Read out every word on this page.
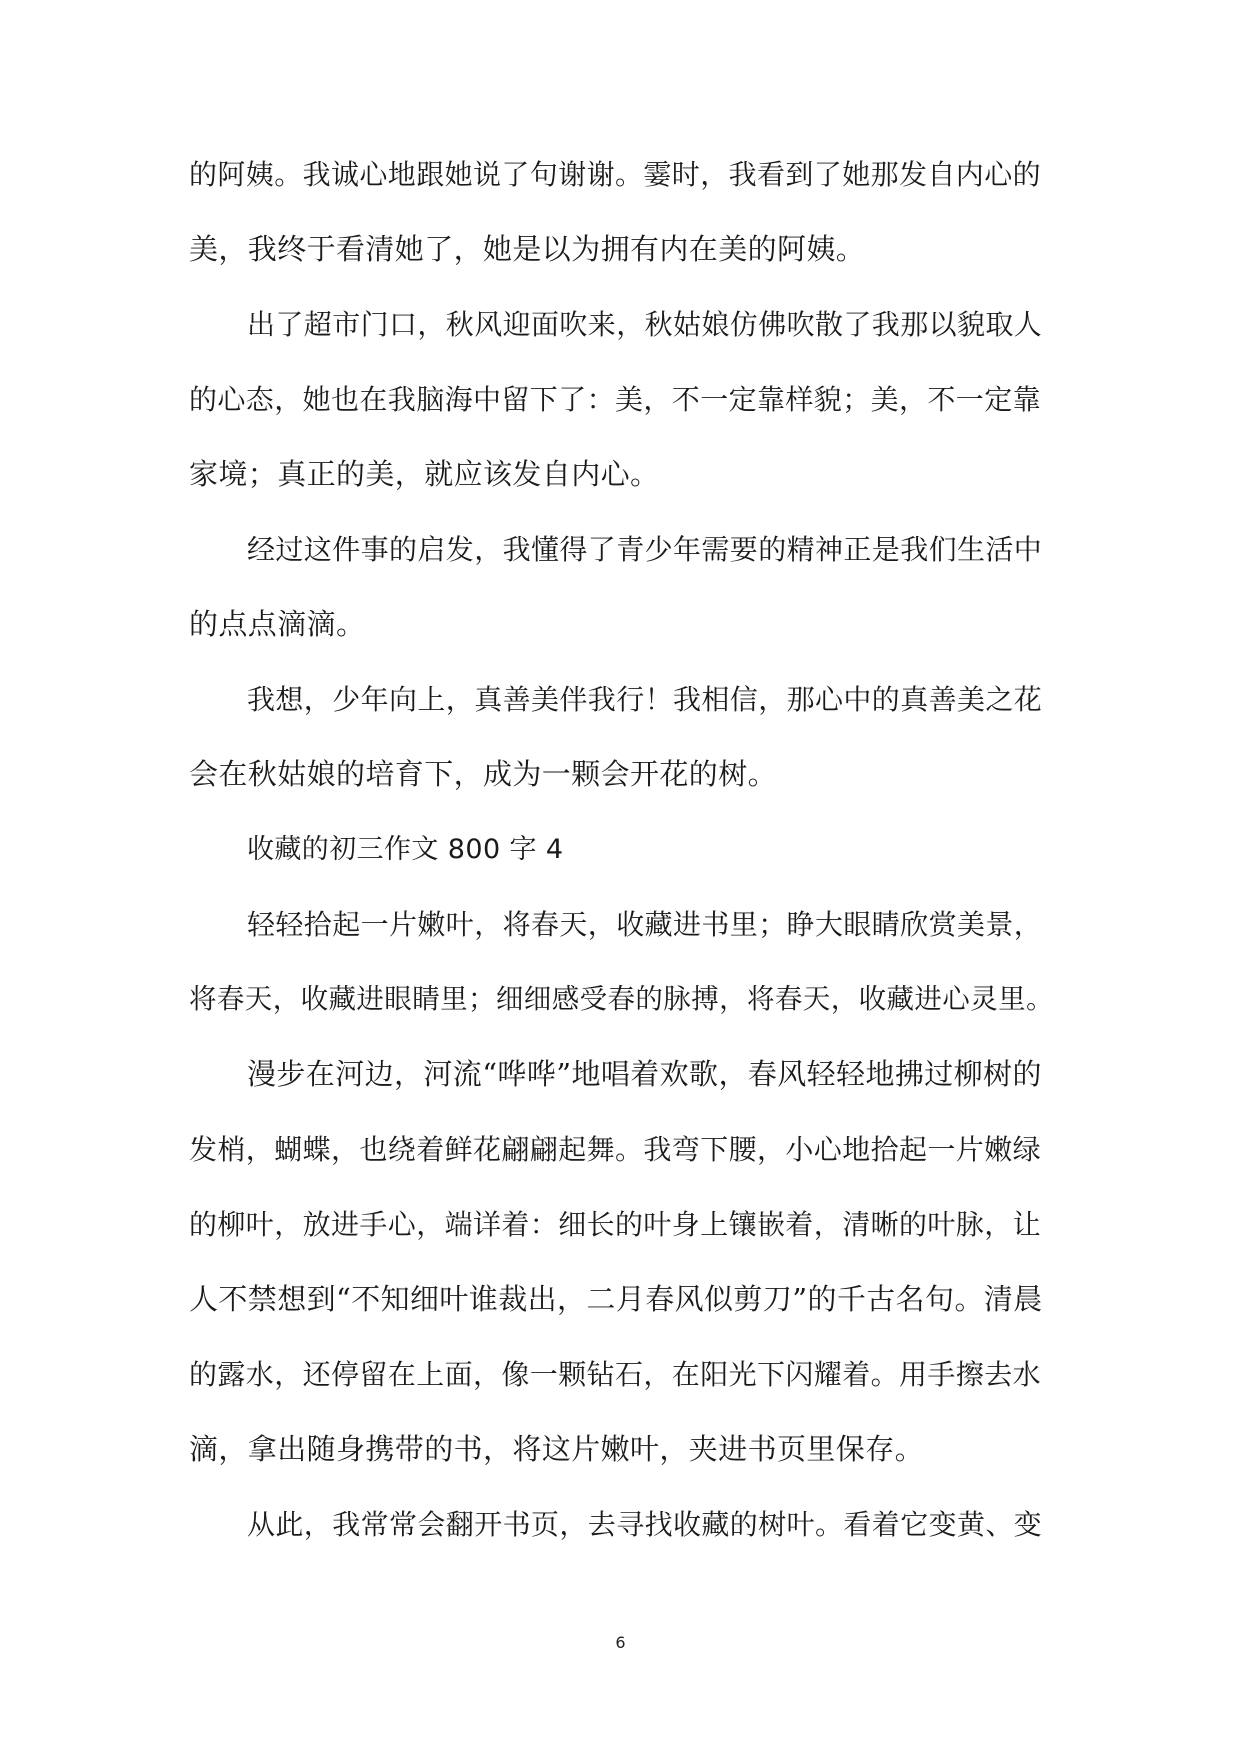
的阿姨。我诚心地跟她说了句谢谢。霎时，我看到了她那发自内心的
美，我终于看清她了，她是以为拥有内在美的阿姨。
出了超市门口，秋风迎面吹来，秋姑娘仿佛吹散了我那以貌取人
的心态，她也在我脑海中留下了：美，不一定靠样貌；美，不一定靠
家境；真正的美，就应该发自内心。
经过这件事的启发，我懂得了青少年需要的精神正是我们生活中
的点点滴滴。
我想，少年向上，真善美伴我行！我相信，那心中的真善美之花
会在秋姑娘的培育下，成为一颗会开花的树。
收藏的初三作文 800 字 4
轻轻拾起一片嫩叶，将春天，收藏进书里；睁大眼睛欣赏美景，
将春天，收藏进眼睛里；细细感受春的脉搏，将春天，收藏进心灵里。
漫步在河边，河流“哗哗”地唱着欢歌，春风轻轻地拂过柳树的
发梢，蝴蝶，也绕着鲜花翩翩起舞。我弯下腰，小心地拾起一片嫩绿
的柳叶，放进手心，端详着：细长的叶身上镶嵌着，清晰的叶脉，让
人不禁想到“不知细叶谁裁出，二月春风似剪刀”的千古名句。清晨
的露水，还停留在上面，像一颗钻石，在阳光下闪耀着。用手擦去水
滴，拿出随身携带的书，将这片嫩叶，夹进书页里保存。
从此，我常常会翻开书页，去寻找收藏的树叶。看着它变黄、变
6
